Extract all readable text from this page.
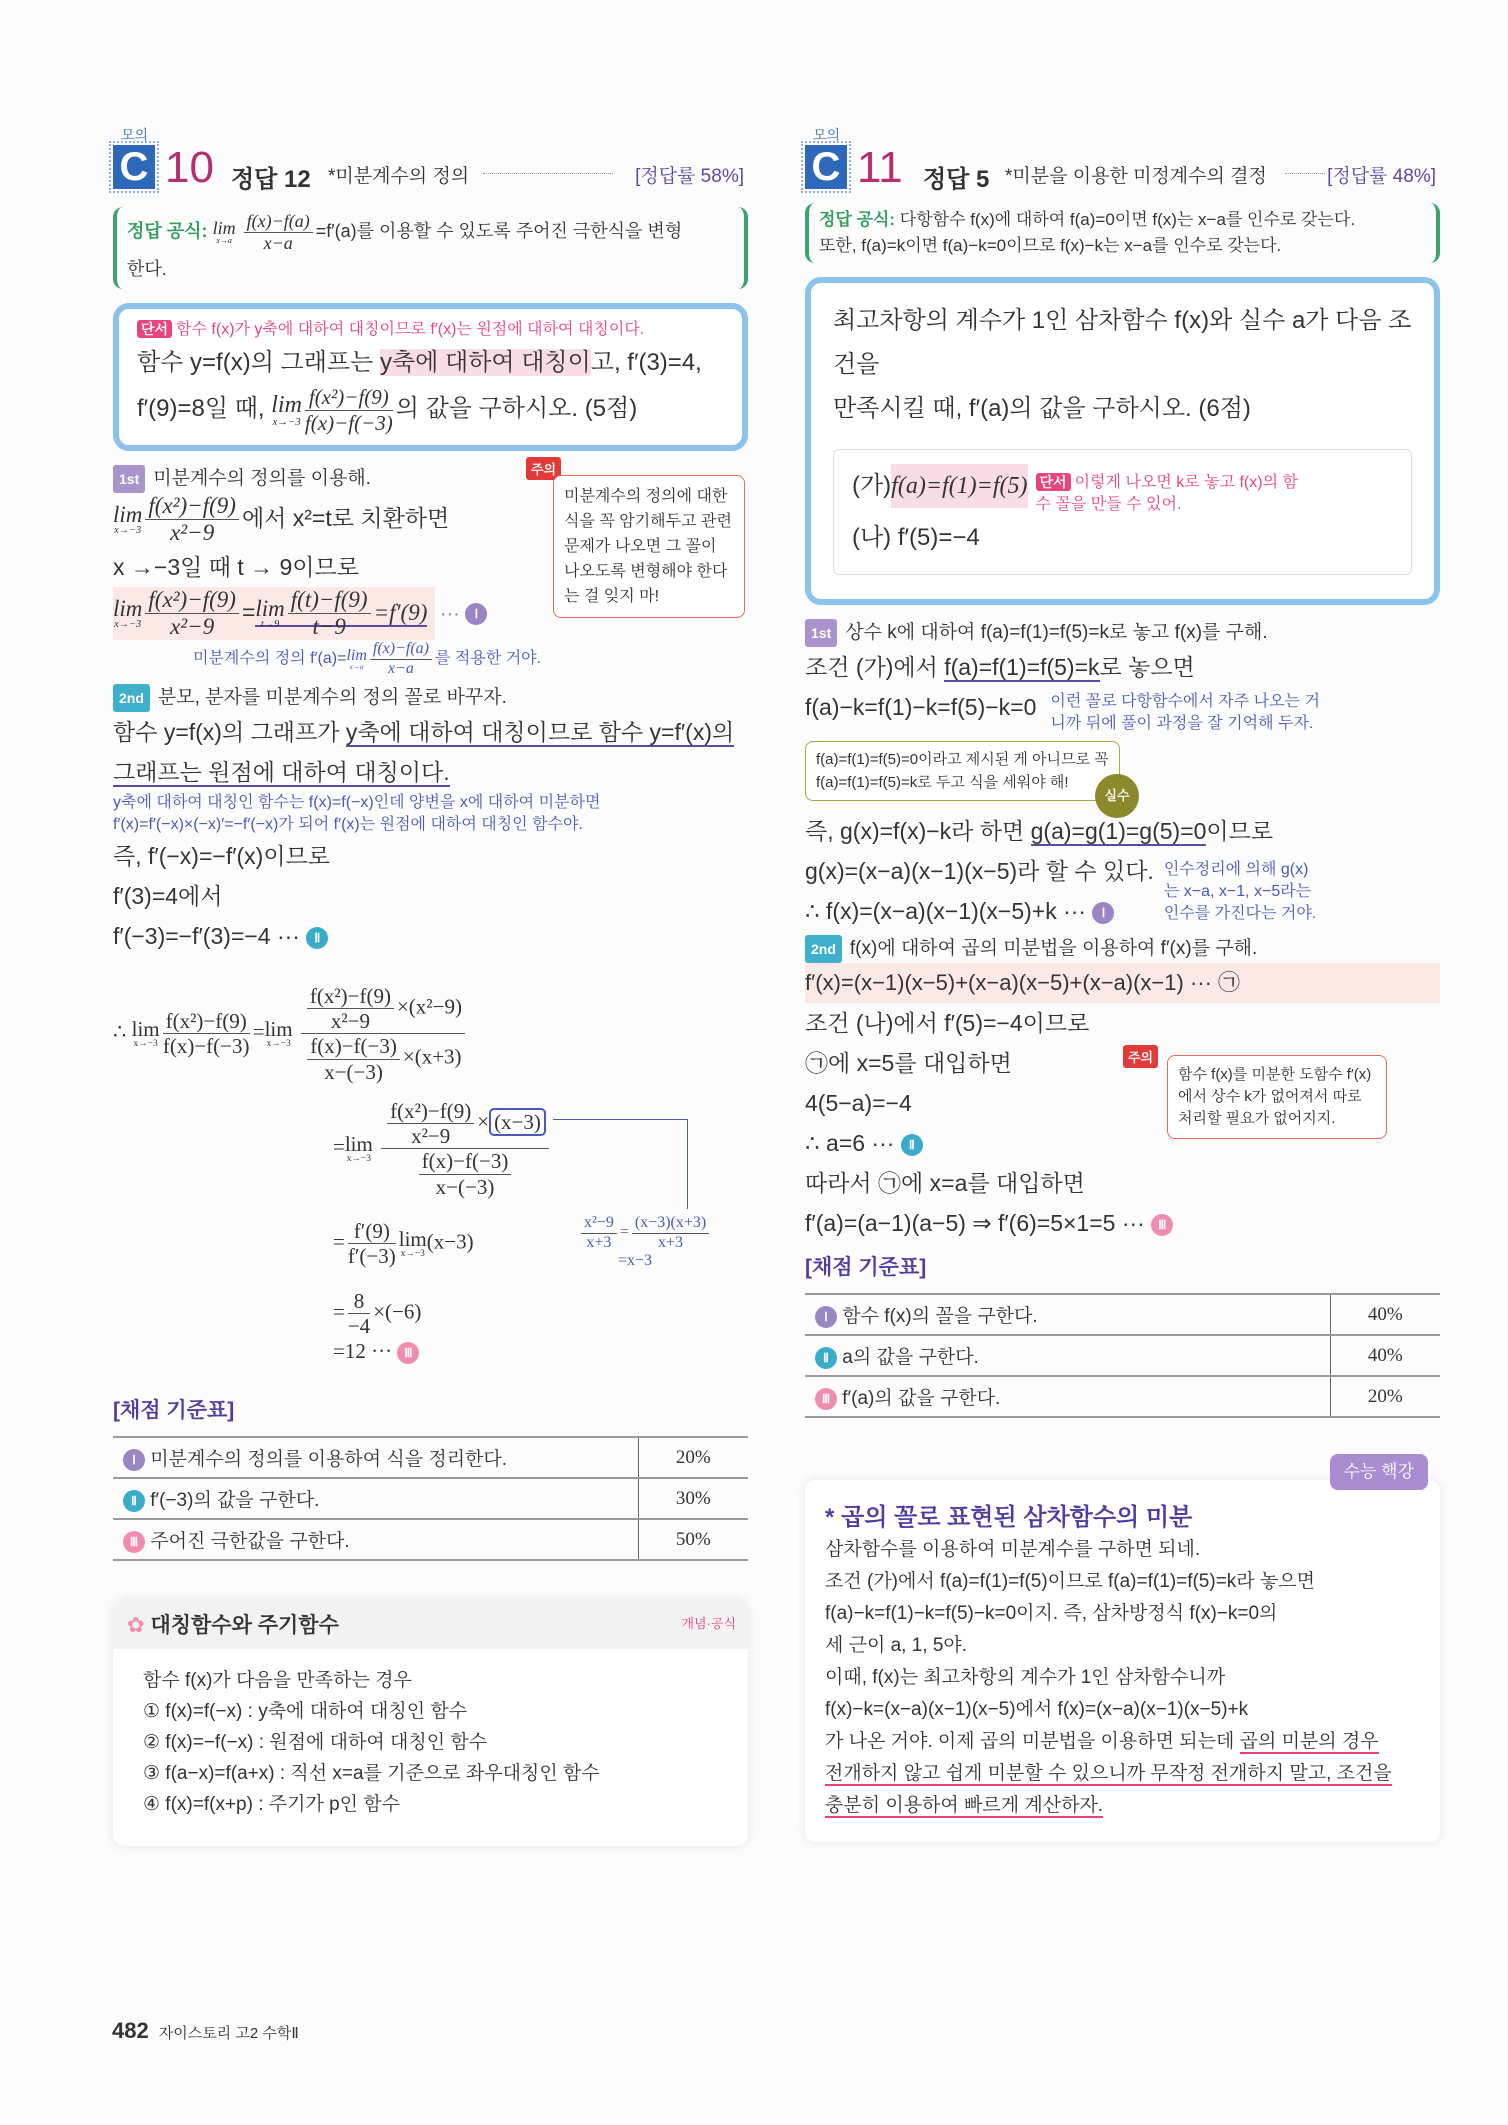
모의
C 10 정답 12 *미분계수의 정의	[정답률 58%]
정답 공식: lim
x→a
$\frac{f(x)-f(a)}{x-a} =f'(a)$를 이용할 수 있도록 주어진 극한식을 변형
한다.
단서 함수 f(x)가 y축에 대하여 대칭이므로 f′(x)는 원점에 대하여 대칭이다.
함수 y=f(x)의 그래프는 y축에 대하여 대칭이고, f′(3)=4,
f′(9)=8일 때, lim
$x\to-3 \frac{\text{f(x²)−f(9)}}{f(x)-f(-3)}$ 의 값을 구하시오. (5점)
1st 미분계수의 정의를 이용해.
lim
$x\to-3 \frac{\text{f(x²)−f(9)}}{\text{x²−9}}$ 에서 x²=t로 치환하면
x →−3일 때 t → 9이므로
lim
$x\to-3 \frac{\text{f(x²)−f(9)}}{\text{x²−9}} = \lim$
$t\to 9 \frac{f(t)-f(9)}{t-9} =f'(9)$ ··· Ⅰ
미분계수의 정의 f′(a)= lim
$x\to a \frac{f(x)-f(a)}{x-a}$ 를 적용한 거야.
주의
미분계수의 정의에 대한 식을 꼭 암기해두고 관련 문제가 나오면 그 꼴이 나오도록 변형해야 한다는 걸 잊지 마!
2nd 분모, 분자를 미분계수의 정의 꼴로 바꾸자.
함수 y=f(x)의 그래프가 y축에 대하여 대칭이므로 함수 y=f′(x)의
그래프는 원점에 대하여 대칭이다.
y축에 대하여 대칭인 함수는 f(x)=f(−x)인데 양변을 x에 대하여 미분하면
f′(x)=f′(−x)×(−x)′=−f′(−x)가 되어 f′(x)는 원점에 대하여 대칭인 함수야.
즉, f′(−x)=−f′(x)이므로
f′(3)=4에서
f′(−3)=−f′(3)=−4 ··· Ⅱ
∴ lim
$x\to-3 \frac{\text{f(x²)−f(9)}}{f(x)-f(-3)} = \lim$
x→−3
$\frac{\frac{\text{f(x²)−f(9)}}{\text{x²−9}} \times(x^2-9)}{\frac{f(x)-f(-3)}{x-(-3)} \times(x+3)}$
= lim
x→−3
$\frac{\frac{\text{f(x²)−f(9)}}{\text{x²−9}} \times (x-3)}{\frac{f(x)-f(-3)}{x-(-3)}}$
= $\frac{f'(9)}{f'(-3)}$ lim
x→−3 (x−3)	$\frac{\text{x²−9}}{x+3} = \frac{(x-3)(x+3)}{x+3}$
=x−3
= $\frac{8}{-4} \times(-6)$
=12 ··· Ⅲ
[채점 기준표]
Ⅰ 미분계수의 정의를 이용하여 식을 정리한다.	20%
Ⅱ f′(−3)의 값을 구한다.	30%
Ⅲ 주어진 극한값을 구한다.	50%
✿ 대칭함수와 주기함수	개념·공식
함수 f(x)가 다음을 만족하는 경우
① f(x)=f(−x) : y축에 대하여 대칭인 함수
② f(x)=−f(−x) : 원점에 대하여 대칭인 함수
③ f(a−x)=f(a+x) : 직선 x=a를 기준으로 좌우대칭인 함수
④ f(x)=f(x+p) : 주기가 p인 함수
모의
C 11 정답 5 *미분을 이용한 미정계수의 결정	[정답률 48%]
정답 공식: 다항함수 f(x)에 대하여 f(a)=0이면 f(x)는 x−a를 인수로 갖는다.
또한, f(a)=k이면 f(a)−k=0이므로 f(x)−k는 x−a를 인수로 갖는다.
최고차항의 계수가 1인 삼차함수 f(x)와 실수 a가 다음 조건을
만족시킬 때, f′(a)의 값을 구하시오. (6점)
(가) f(a)=f(1)=f(5) 단서 이렇게 나오면 k로 놓고 f(x)의 함수 꼴을 만들 수 있어.
(나) f′(5)=−4
1st 상수 k에 대하여 f(a)=f(1)=f(5)=k로 놓고 f(x)를 구해.
조건 (가)에서 f(a)=f(1)=f(5)=k로 놓으면
f(a)−k=f(1)−k=f(5)−k=0 이런 꼴로 다항함수에서 자주 나오는 거니까 뒤에 풀이 과정을 잘 기억해 두자.
f(a)=f(1)=f(5)=0이라고 제시된 게 아니므로 꼭 f(a)=f(1)=f(5)=k로 두고 식을 세워야 해!
실수
즉, g(x)=f(x)−k라 하면 g(a)=g(1)=g(5)=0이므로
g(x)=(x−a)(x−1)(x−5)라 할 수 있다.
∴ f(x)=(x−a)(x−1)(x−5)+k ··· Ⅰ
인수정리에 의해 g(x)는 x−a, x−1, x−5라는 인수를 가진다는 거야.
2nd f(x)에 대하여 곱의 미분법을 이용하여 f′(x)를 구해.
f′(x)=(x−1)(x−5)+(x−a)(x−5)+(x−a)(x−1) ··· ㉠
조건 (나)에서 f′(5)=−4이므로
㉠에 x=5를 대입하면
4(5−a)=−4
∴ a=6 ··· Ⅱ
따라서 ㉠에 x=a를 대입하면
f′(a)=(a−1)(a−5) ⇒ f′(6)=5×1=5 ··· Ⅲ
주의
함수 f(x)를 미분한 도함수 f′(x)에서 상수 k가 없어져서 따로 처리할 필요가 없어지지.
[채점 기준표]
Ⅰ 함수 f(x)의 꼴을 구한다.	40%
Ⅱ a의 값을 구한다.	40%
Ⅲ f′(a)의 값을 구한다.	20%
수능 핵강
* 곱의 꼴로 표현된 삼차함수의 미분
삼차함수를 이용하여 미분계수를 구하면 되네.
조건 (가)에서 f(a)=f(1)=f(5)이므로 f(a)=f(1)=f(5)=k라 놓으면
f(a)−k=f(1)−k=f(5)−k=0이지. 즉, 삼차방정식 f(x)−k=0의
세 근이 a, 1, 5야.
이때, f(x)는 최고차항의 계수가 1인 삼차함수니까
f(x)−k=(x−a)(x−1)(x−5)에서 f(x)=(x−a)(x−1)(x−5)+k
가 나온 거야. 이제 곱의 미분법을 이용하면 되는데 곱의 미분의 경우
전개하지 않고 쉽게 미분할 수 있으니까 무작정 전개하지 말고, 조건을
충분히 이용하여 빠르게 계산하자.
482 자이스토리 고2 수학Ⅱ
